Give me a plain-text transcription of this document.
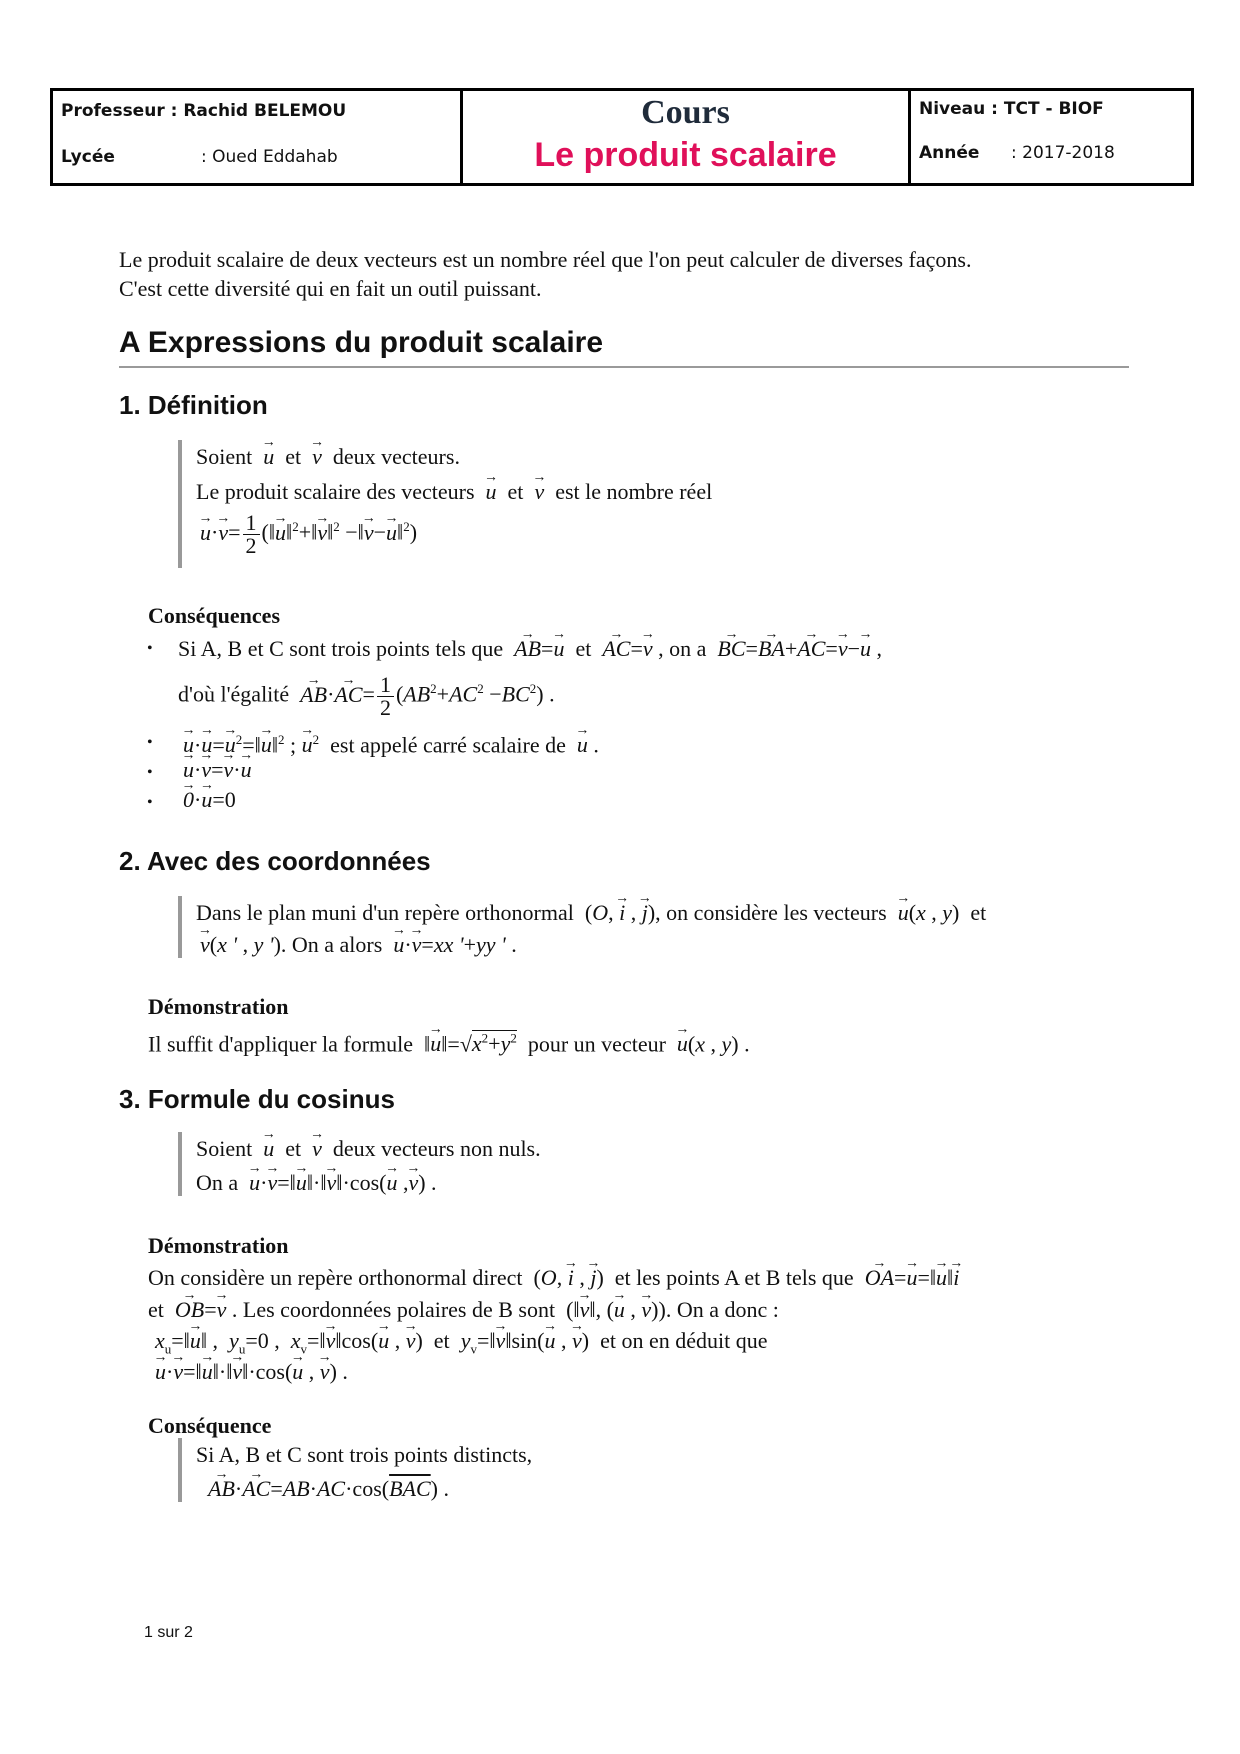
Professeur : Rachid BELEMOU
Lycée	: Oued Eddahab
Cours
Le produit scalaire
Niveau : TCT - BIOF
Année : 2017-2018
Le produit scalaire de deux vecteurs est un nombre réel que l'on peut calculer de diverses façons.
C'est cette diversité qui en fait un outil puissant.
A Expressions du produit scalaire
1. Définition
Soient → u et → v deux vecteurs.
Le produit scalaire des vecteurs → u et → v est le nombre réel
→ $u\cdot\to v= \frac{1}{2}$ (‖→ u‖$^2$+‖→ v‖$^2$ −‖→ v−→ u‖$^2$)
Conséquences
• Si A, B et C sont trois points tels que → AB=→ u et → AC=→ v , on a → BC=→ BA+→ AC=→ v−→ u ,
d'où l'égalité → $AB\cdot\to AC= \frac{1}{2} (AB^2+AC^2 -BC^2)$ .
• → $u\cdot\to u=\to u^2=‖\to$ u‖$^2$ ; → $u^2$ est appelé carré scalaire de → u .
• → u·→ v=→ v·→ u
• → 0·→ u=0
2. Avec des coordonnées
Dans le plan muni d'un repère orthonormal  (O, → i , → j), on considère les vecteurs → u(x , y)  et
→ v(x ' , y '). On a alors → u·→ v=xx '+yy ' .
Démonstration
Il suffit d'appliquer la formule  ‖→ $u‖=√x^2+y^2$ pour un vecteur → u(x , y) .
3. Formule du cosinus
Soient → u et → v deux vecteurs non nuls.
On a → u·→ v=‖→ u‖·‖→ v‖·cos(→ u ,→ v) .
Démonstration
On considère un repère orthonormal direct  (O, → i , → j)  et les points A et B tels que → OA=→ u=‖→ u‖→ i
et → OB=→ v . Les coordonnées polaires de B sont  (‖→ v‖, (→ u , → v)). On a donc :
$x_u=‖\to$ u‖ ,  $y_u=0$ ,  $x_v=‖\to$ v‖cos(→ u , → v)  et $y_v=‖\to$ v‖sin(→ u , → v)  et on en déduit que
→ u·→ v=‖→ u‖·‖→ v‖·cos(→ u , → v) .
Conséquence
Si A, B et C sont trois points distincts,
→ $AB\cdot\to AC=AB\cdot AC\cdot\cos(\overline{BAC})$ .
1 sur 2
